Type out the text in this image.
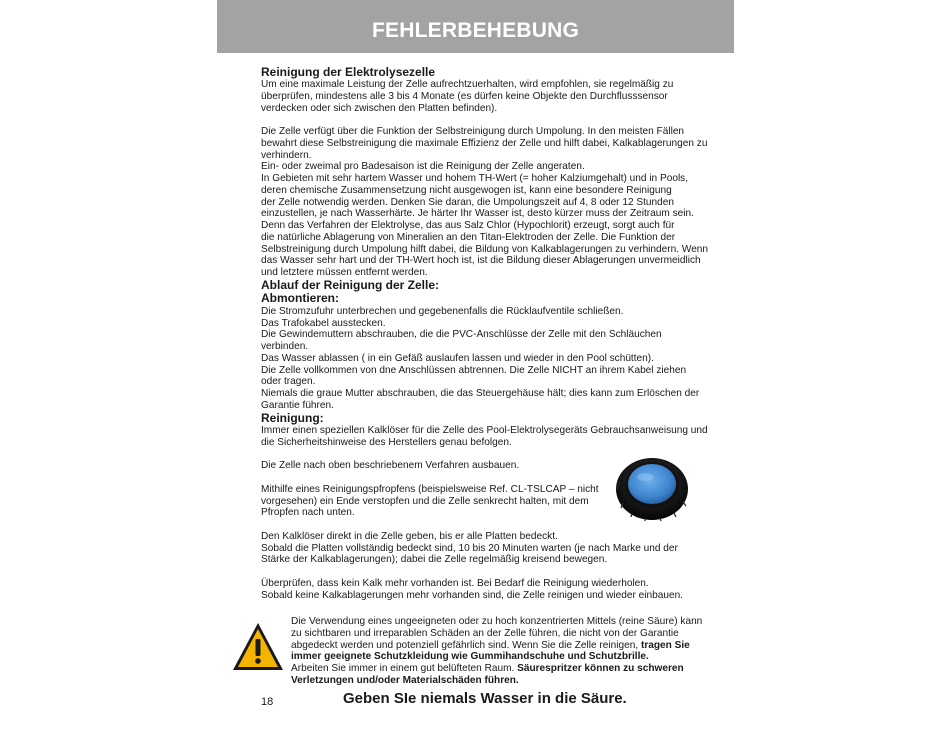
FEHLERBEHEBUNG
Reinigung der Elektrolysezelle
Um eine maximale Leistung der Zelle aufrechtzuerhalten, wird empfohlen, sie regelmäßig zu
überprüfen, mindestens alle 3 bis 4 Monate (es dürfen keine Objekte den Durchflusssensor
verdecken oder sich zwischen den Platten befinden).
Die Zelle verfügt über die Funktion der Selbstreinigung durch Umpolung. In den meisten Fällen
bewahrt diese Selbstreinigung die maximale Effizienz der Zelle und hilft dabei, Kalkablagerungen zu
verhindern.
Ein- oder zweimal pro Badesaison ist die Reinigung der Zelle angeraten.
In Gebieten mit sehr hartem Wasser und hohem TH-Wert (= hoher Kalziumgehalt) und in Pools,
deren chemische Zusammensetzung nicht ausgewogen ist, kann eine besondere Reinigung
der Zelle notwendig werden. Denken Sie daran, die Umpolungszeit auf 4, 8 oder 12 Stunden
einzustellen, je nach Wasserhärte. Je härter Ihr Wasser ist, desto kürzer muss der Zeitraum sein.
Denn das Verfahren der Elektrolyse, das aus Salz Chlor (Hypochlorit) erzeugt, sorgt auch für
die natürliche Ablagerung von Mineralien an den Titan-Elektroden der Zelle. Die Funktion der
Selbstreinigung durch Umpolung hilft dabei, die Bildung von Kalkablagerungen zu verhindern. Wenn
das Wasser sehr hart und der TH-Wert hoch ist, ist die Bildung dieser Ablagerungen unvermeidlich
und letztere müssen entfernt werden.
Ablauf der Reinigung der Zelle:
Abmontieren:
Die Stromzufuhr unterbrechen und gegebenenfalls die Rücklaufventile schließen.
Das Trafokabel ausstecken.
Die Gewindemuttern abschrauben, die die PVC-Anschlüsse der Zelle mit den Schläuchen
verbinden.
Das Wasser ablassen ( in ein Gefäß auslaufen lassen und wieder in den Pool schütten).
Die Zelle vollkommen von dne Anschlüssen abtrennen. Die Zelle NICHT an ihrem Kabel ziehen
oder tragen.
Niemals die graue Mutter abschrauben, die das Steuergehäuse hält; dies kann zum Erlöschen der
Garantie führen.
Reinigung:
Immer einen speziellen Kalklöser für die Zelle des Pool-Elektrolysegeräts Gebrauchsanweisung und
die Sicherheitshinweise des Herstellers genau befolgen.
Die Zelle nach oben beschriebenem Verfahren ausbauen.
Mithilfe eines Reinigungspfropfens (beispielsweise Ref. CL-TSLCAP – nicht
vorgesehen) ein Ende verstopfen und die Zelle senkrecht halten, mit dem
Pfropfen nach unten.
Den Kalklöser direkt in die Zelle geben, bis er alle Platten bedeckt.
Sobald die Platten vollständig bedeckt sind, 10 bis 20 Minuten warten (je nach Marke und der
Stärke der Kalkablagerungen); dabei die Zelle regelmäßig kreisend bewegen.
Überprüfen, dass kein Kalk mehr vorhanden ist. Bei Bedarf die Reinigung wiederholen.
Sobald keine Kalkablagerungen mehr vorhanden sind, die Zelle reinigen und wieder einbauen.
Die Verwendung eines ungeeigneten oder zu hoch konzentrierten Mittels (reine Säure) kann
zu sichtbaren und irreparablen Schäden an der Zelle führen, die nicht von der Garantie
abgedeckt werden und potenziell gefährlich sind. Wenn Sie die Zelle reinigen, tragen Sie
immer geeignete Schutzkleidung wie Gummihandschuhe und Schutzbrille.
Arbeiten Sie immer in einem gut belüfteten Raum. Säurespritzer können zu schweren
Verletzungen und/oder Materialschäden führen.
18	Geben SIe niemals Wasser in die Säure.
